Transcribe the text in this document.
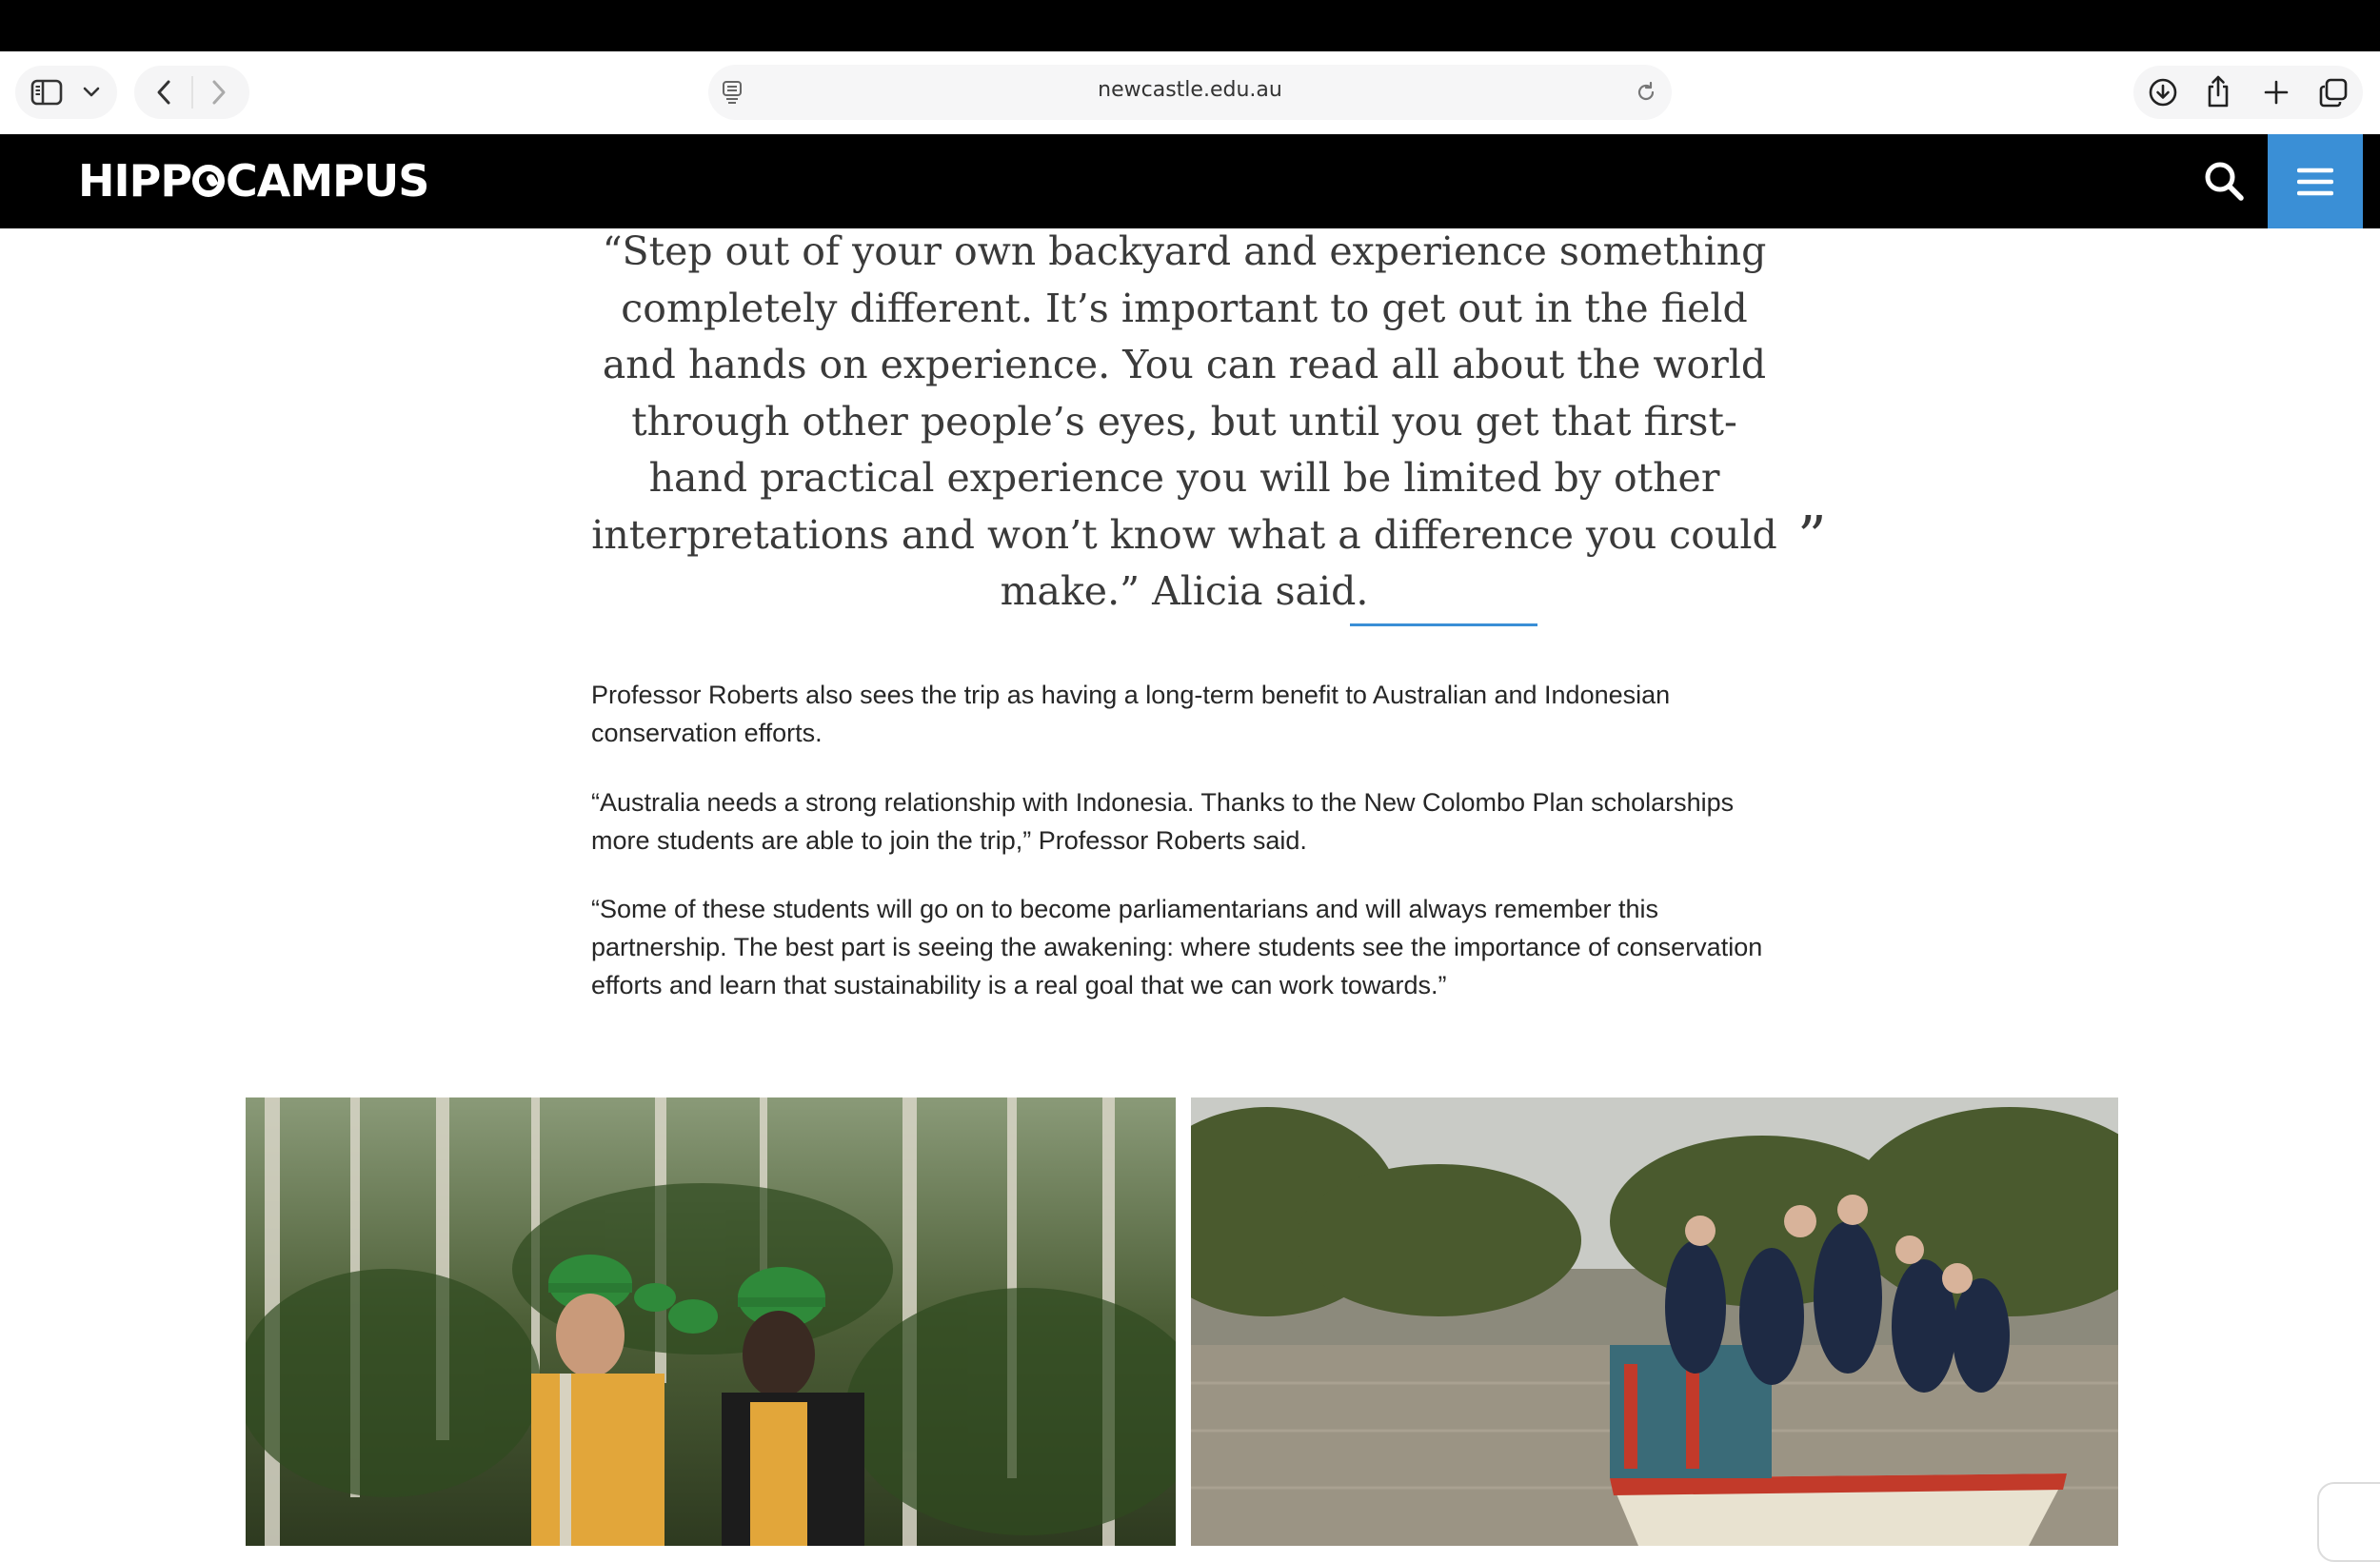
newcastle.edu.au
HIPP CAMPUS
“Step out of your own backyard and experience something completely different. It’s important to get out in the field and hands on experience. You can read all about the world through other people’s eyes, but until you get that first-hand practical experience you will be limited by other interpretations and won’t know what a difference you could make.” Alicia said.
”

Professor Roberts also sees the trip as having a long-term benefit to Australian and Indonesian conservation efforts.

“Australia needs a strong relationship with Indonesia. Thanks to the New Colombo Plan scholarships more students are able to join the trip,” Professor Roberts said.

“Some of these students will go on to become parliamentarians and will always remember this partnership. The best part is seeing the awakening: where students see the importance of conservation efforts and learn that sustainability is a real goal that we can work towards.”
